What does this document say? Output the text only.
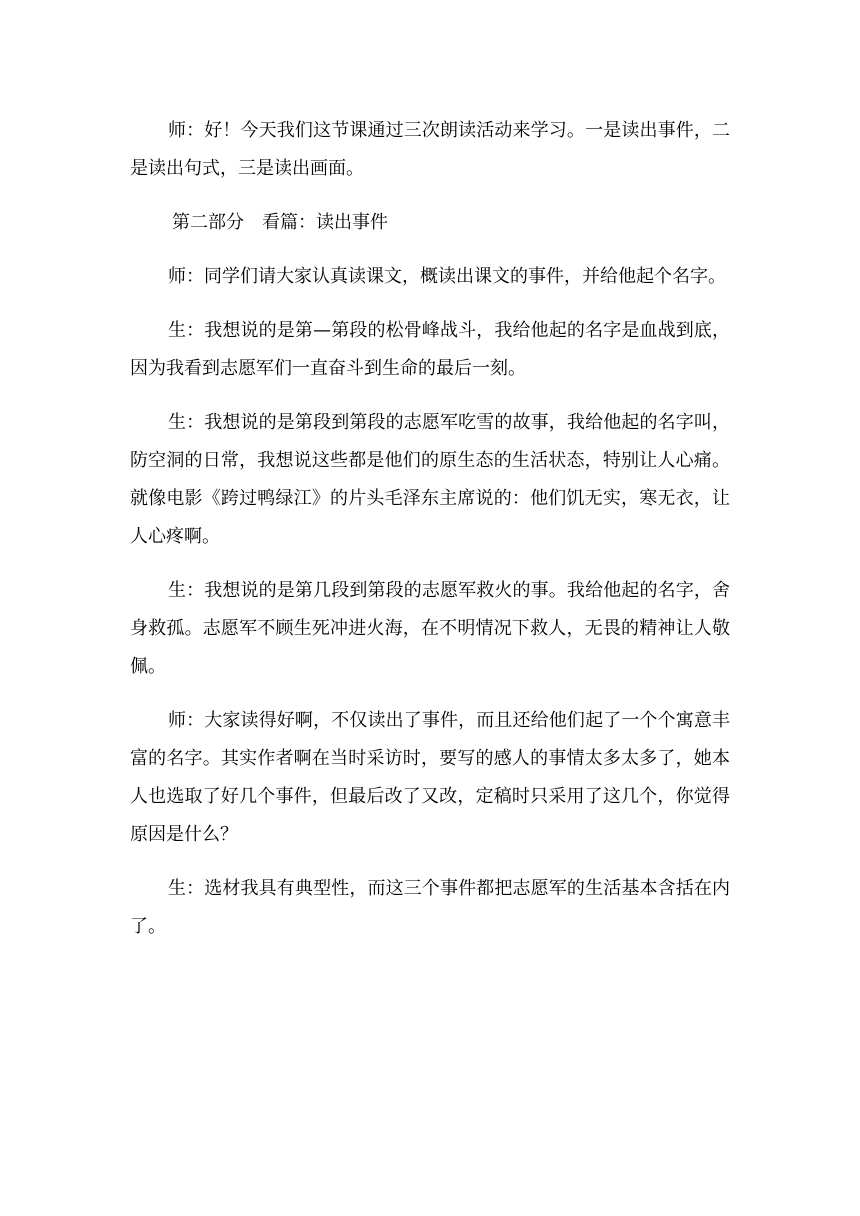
师：好！今天我们这节课通过三次朗读活动来学习。一是读出事件，二是读出句式，三是读出画面。

第二部分　看篇：读出事件

师：同学们请大家认真读课文，概读出课文的事件，并给他起个名字。

生：我想说的是第—第段的松骨峰战斗，我给他起的名字是血战到底，因为我看到志愿军们一直奋斗到生命的最后一刻。

生：我想说的是第段到第段的志愿军吃雪的故事，我给他起的名字叫，防空洞的日常，我想说这些都是他们的原生态的生活状态，特别让人心痛。就像电影《跨过鸭绿江》的片头毛泽东主席说的：他们饥无实，寒无衣，让人心疼啊。

生：我想说的是第几段到第段的志愿军救火的事。我给他起的名字，舍身救孤。志愿军不顾生死冲进火海，在不明情况下救人，无畏的精神让人敬佩。

师：大家读得好啊，不仅读出了事件，而且还给他们起了一个个寓意丰富的名字。其实作者啊在当时采访时，要写的感人的事情太多太多了，她本人也选取了好几个事件，但最后改了又改，定稿时只采用了这几个，你觉得原因是什么？

生：选材我具有典型性，而这三个事件都把志愿军的生活基本含括在内了。
